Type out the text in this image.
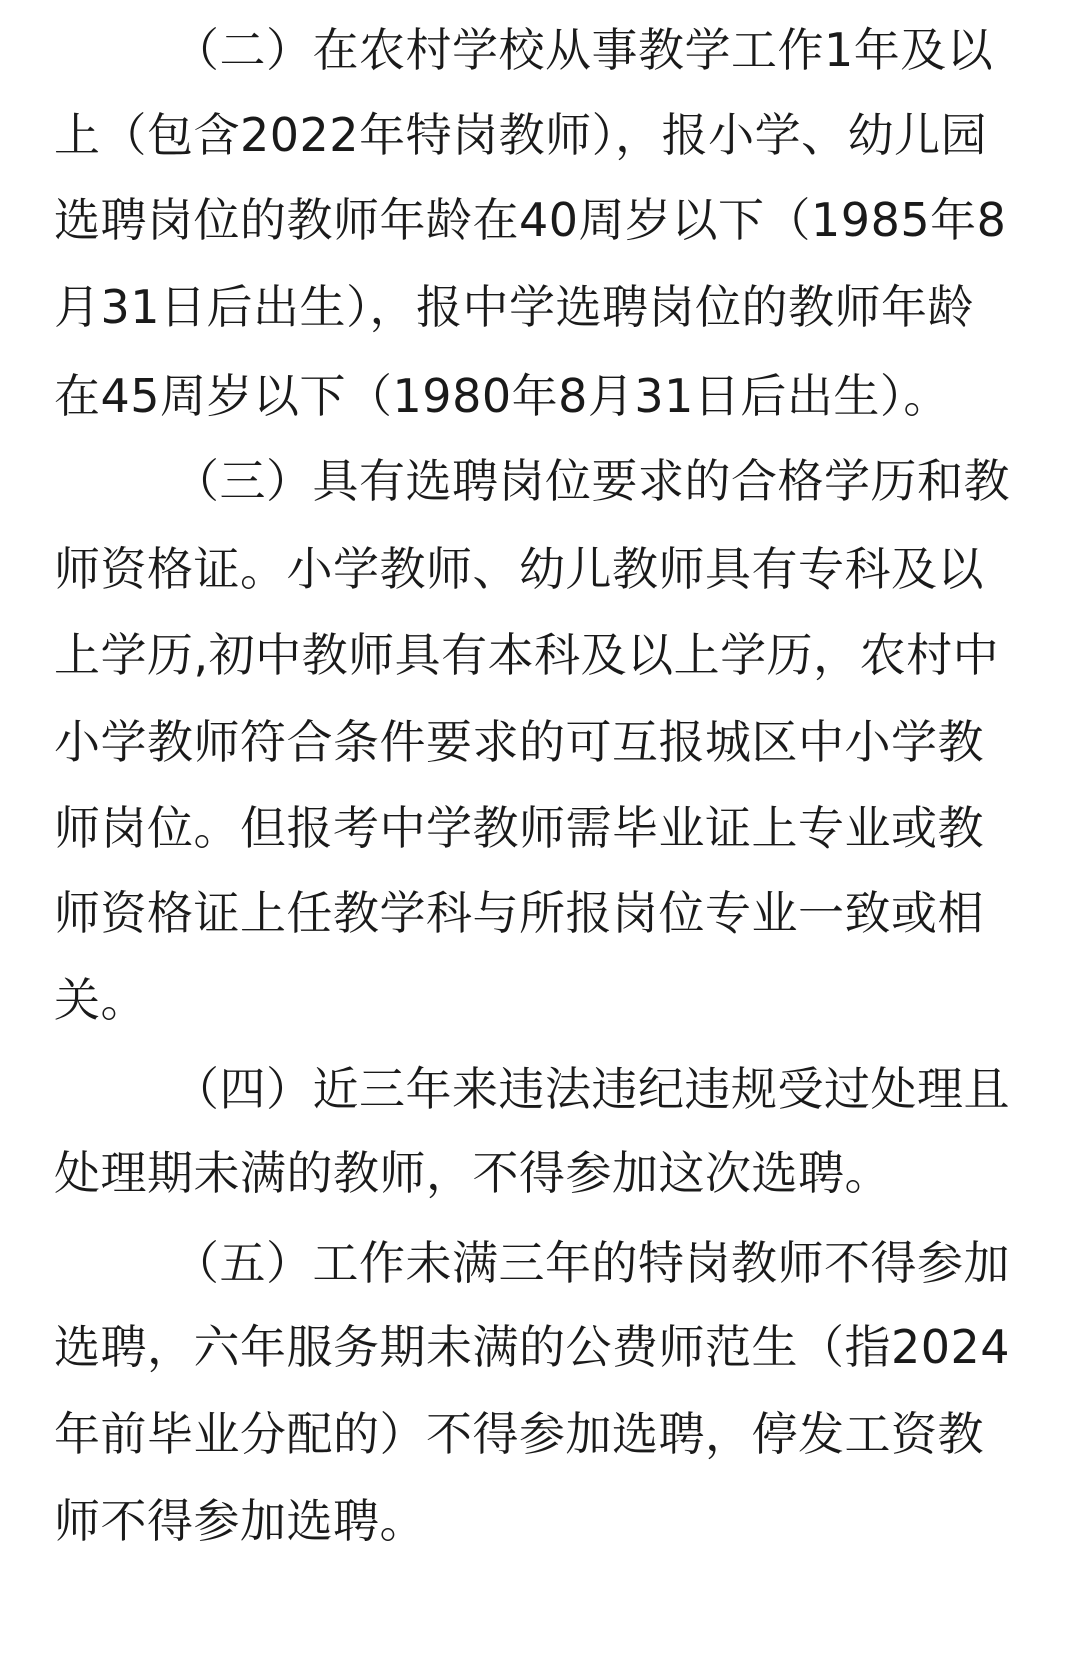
（二）在农村学校从事教学工作1年及以
上（包含2022年特岗教师），报小学、幼儿园
选聘岗位的教师年龄在40周岁以下（1985年8
月31日后出生），报中学选聘岗位的教师年龄
在45周岁以下（1980年8月31日后出生）。
（三）具有选聘岗位要求的合格学历和教
师资格证。小学教师、幼儿教师具有专科及以
上学历,初中教师具有本科及以上学历，农村中
小学教师符合条件要求的可互报城区中小学教
师岗位。但报考中学教师需毕业证上专业或教
师资格证上任教学科与所报岗位专业一致或相
关。
（四）近三年来违法违纪违规受过处理且
处理期未满的教师，不得参加这次选聘。
（五）工作未满三年的特岗教师不得参加
选聘，六年服务期未满的公费师范生（指2024
年前毕业分配的）不得参加选聘，停发工资教
师不得参加选聘。
